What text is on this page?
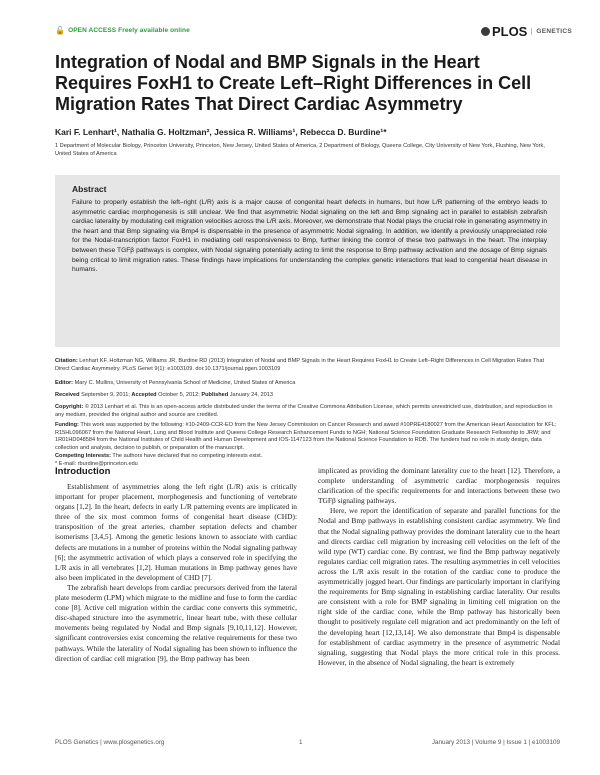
🔓 OPEN ACCESS Freely available online	PLOS	GENETICS
Integration of Nodal and BMP Signals in the Heart Requires FoxH1 to Create Left–Right Differences in Cell Migration Rates That Direct Cardiac Asymmetry
Kari F. Lenhart¹, Nathalia G. Holtzman², Jessica R. Williams¹, Rebecca D. Burdine¹*
1 Department of Molecular Biology, Princeton University, Princeton, New Jersey, United States of America, 2 Department of Biology, Queens College, City University of New York, Flushing, New York, United States of America
Abstract

Failure to properly establish the left–right (L/R) axis is a major cause of congenital heart defects in humans, but how L/R patterning of the embryo leads to asymmetric cardiac morphogenesis is still unclear. We find that asymmetric Nodal signaling on the left and Bmp signaling act in parallel to establish zebrafish cardiac laterality by modulating cell migration velocities across the L/R axis. Moreover, we demonstrate that Nodal plays the crucial role in generating asymmetry in the heart and that Bmp signaling via Bmp4 is dispensable in the presence of asymmetric Nodal signaling. In addition, we identify a previously unappreciated role for the Nodal-transcription factor FoxH1 in mediating cell responsiveness to Bmp, further linking the control of these two pathways in the heart. The interplay between these TGFβ pathways is complex, with Nodal signaling potentially acting to limit the response to Bmp pathway activation and the dosage of Bmp signals being critical to limit migration rates. These findings have implications for understanding the complex genetic interactions that lead to congenital heart disease in humans.

Citation: Lenhart KF, Holtzman NG, Williams JR, Burdine RD (2013) Integration of Nodal and BMP Signals in the Heart Requires FoxH1 to Create Left–Right Differences in Cell Migration Rates That Direct Cardiac Asymmetry. PLoS Genet 9(1): e1003109. doi:10.1371/journal.pgen.1003109
Editor: Mary C. Mullins, University of Pennsylvania School of Medicine, United States of America
Received September 9, 2011; Accepted October 5, 2012; Published January 24, 2013
Copyright: © 2013 Lenhart et al. This is an open-access article distributed under the terms of the Creative Commons Attribution License, which permits unrestricted use, distribution, and reproduction in any medium, provided the original author and source are credited.
Funding: This work was supported by the following: #10-2409-CCR-EO from the New Jersey Commission on Cancer Research and award #10PRE4180027 from the American Heart Association for KFL; R15HL096067 from the National Heart, Lung and Blood Institute and Queens College Research Enhancement Funds to NGH; National Science Foundation Graduate Research Fellowship to JRW; and 1R01HD048584 from the National Institutes of Child Health and Human Development and IOS-1147123 from the National Science Foundation to RDB. The funders had no role in study design, data collection and analysis, decision to publish, or preparation of the manuscript.
Competing Interests: The authors have declared that no competing interests exist.
* E-mail: rburdine@princeton.edu
Introduction

Establishment of asymmetries along the left right (L/R) axis is critically important for proper placement, morphogenesis and functioning of vertebrate organs [1,2]. In the heart, defects in early L/R patterning events are implicated in three of the six most common forms of congenital heart disease (CHD): transposition of the great arteries, chamber septation defects and chamber isomerisms [3,4,5]. Among the genetic lesions known to associate with cardiac defects are mutations in a number of proteins within the Nodal signaling pathway [6]; the asymmetric activation of which plays a conserved role in specifying the L/R axis in all vertebrates [1,2]. Human mutations in Bmp pathway genes have also been implicated in the development of CHD [7].

The zebrafish heart develops from cardiac precursors derived from the lateral plate mesoderm (LPM) which migrate to the midline and fuse to form the cardiac cone [8]. Active cell migration within the cardiac cone converts this symmetric, disc-shaped structure into the asymmetric, linear heart tube, with these cellular movements being regulated by Nodal and Bmp signals [9,10,11,12]. However, significant controversies exist concerning the relative requirements for these two pathways. While the laterality of Nodal signaling has been shown to influence the direction of cardiac cell migration [9], the Bmp pathway has been

implicated as providing the dominant laterality cue to the heart [12]. Therefore, a complete understanding of asymmetric cardiac morphogenesis requires clarification of the specific requirements for and interactions between these two TGFβ signaling pathways.

Here, we report the identification of separate and parallel functions for the Nodal and Bmp pathways in establishing consistent cardiac asymmetry. We find that the Nodal signaling pathway provides the dominant laterality cue to the heart and directs cardiac cell migration by increasing cell velocities on the left of the wild type (WT) cardiac cone. By contrast, we find the Bmp pathway negatively regulates cardiac cell migration rates. The resulting asymmetries in cell velocities across the L/R axis result in the rotation of the cardiac cone to produce the asymmetrically jogged heart. Our findings are particularly important in clarifying the requirements for Bmp signaling in establishing cardiac laterality. Our results are consistent with a role for BMP signaling in limiting cell migration on the right side of the cardiac cone, while the Bmp pathway has historically been thought to positively regulate cell migration and act predominantly on the left of the developing heart [12,13,14]. We also demonstrate that Bmp4 is dispensable for establishment of cardiac asymmetry in the presence of asymmetric Nodal signaling, suggesting that Nodal plays the more critical role in this process. However, in the absence of Nodal signaling, the heart is extremely

PLOS Genetics | www.plosgenetics.org	1	January 2013 | Volume 9 | Issue 1 | e1003109
